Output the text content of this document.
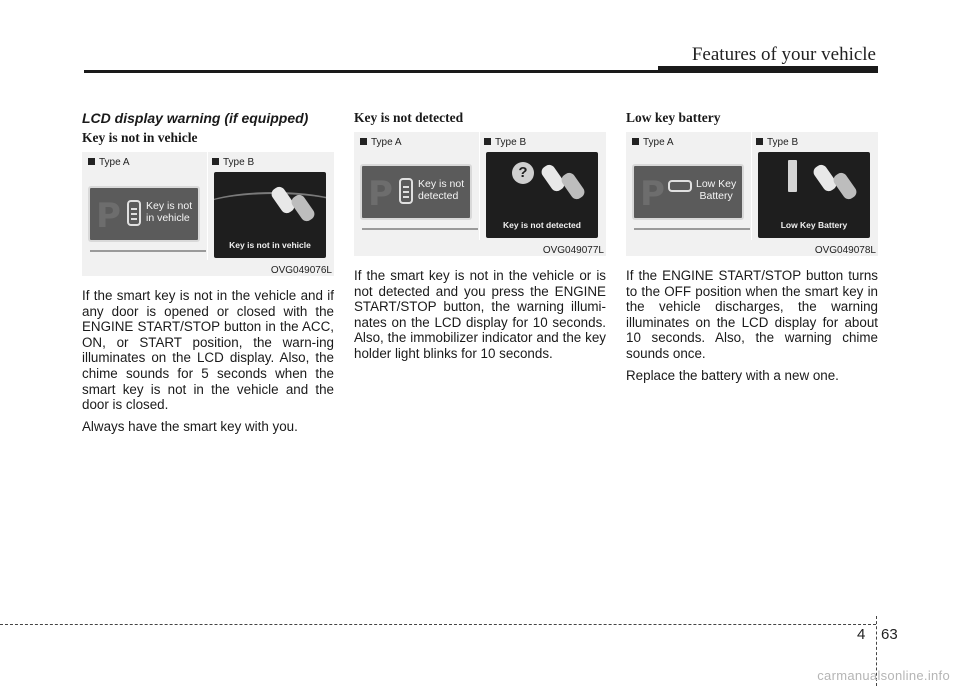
Features of your vehicle
LCD display warning (if equipped)
Key is not in vehicle
Type A	Type B
P Key is not
in vehicle
Key is not in vehicle
OVG049076L

If the smart key is not in the vehicle and if any door is opened or closed with the ENGINE START/STOP button in the ACC, ON, or START position, the warn-ing illuminates on the LCD display. Also, the chime sounds for 5 seconds when the smart key is not in the vehicle and the door is closed.

Always have the smart key with you.

Key is not detected
Type A	Type B
P Key is not
detected
?
Key is not detected
OVG049077L

If the smart key is not in the vehicle or is not detected and you press the ENGINE START/STOP button, the warning illumi-nates on the LCD display for 10 seconds. Also, the immobilizer indicator and the key holder light blinks for 10 seconds.

Low key battery
Type A	Type B
P	Low Key
Battery
Low Key Battery
OVG049078L

If the ENGINE START/STOP button turns to the OFF position when the smart key in the vehicle discharges, the warning illuminates on the LCD display for about 10 seconds. Also, the warning chime sounds once.

Replace the battery with a new one.

4 63
carmanualsonline.info
